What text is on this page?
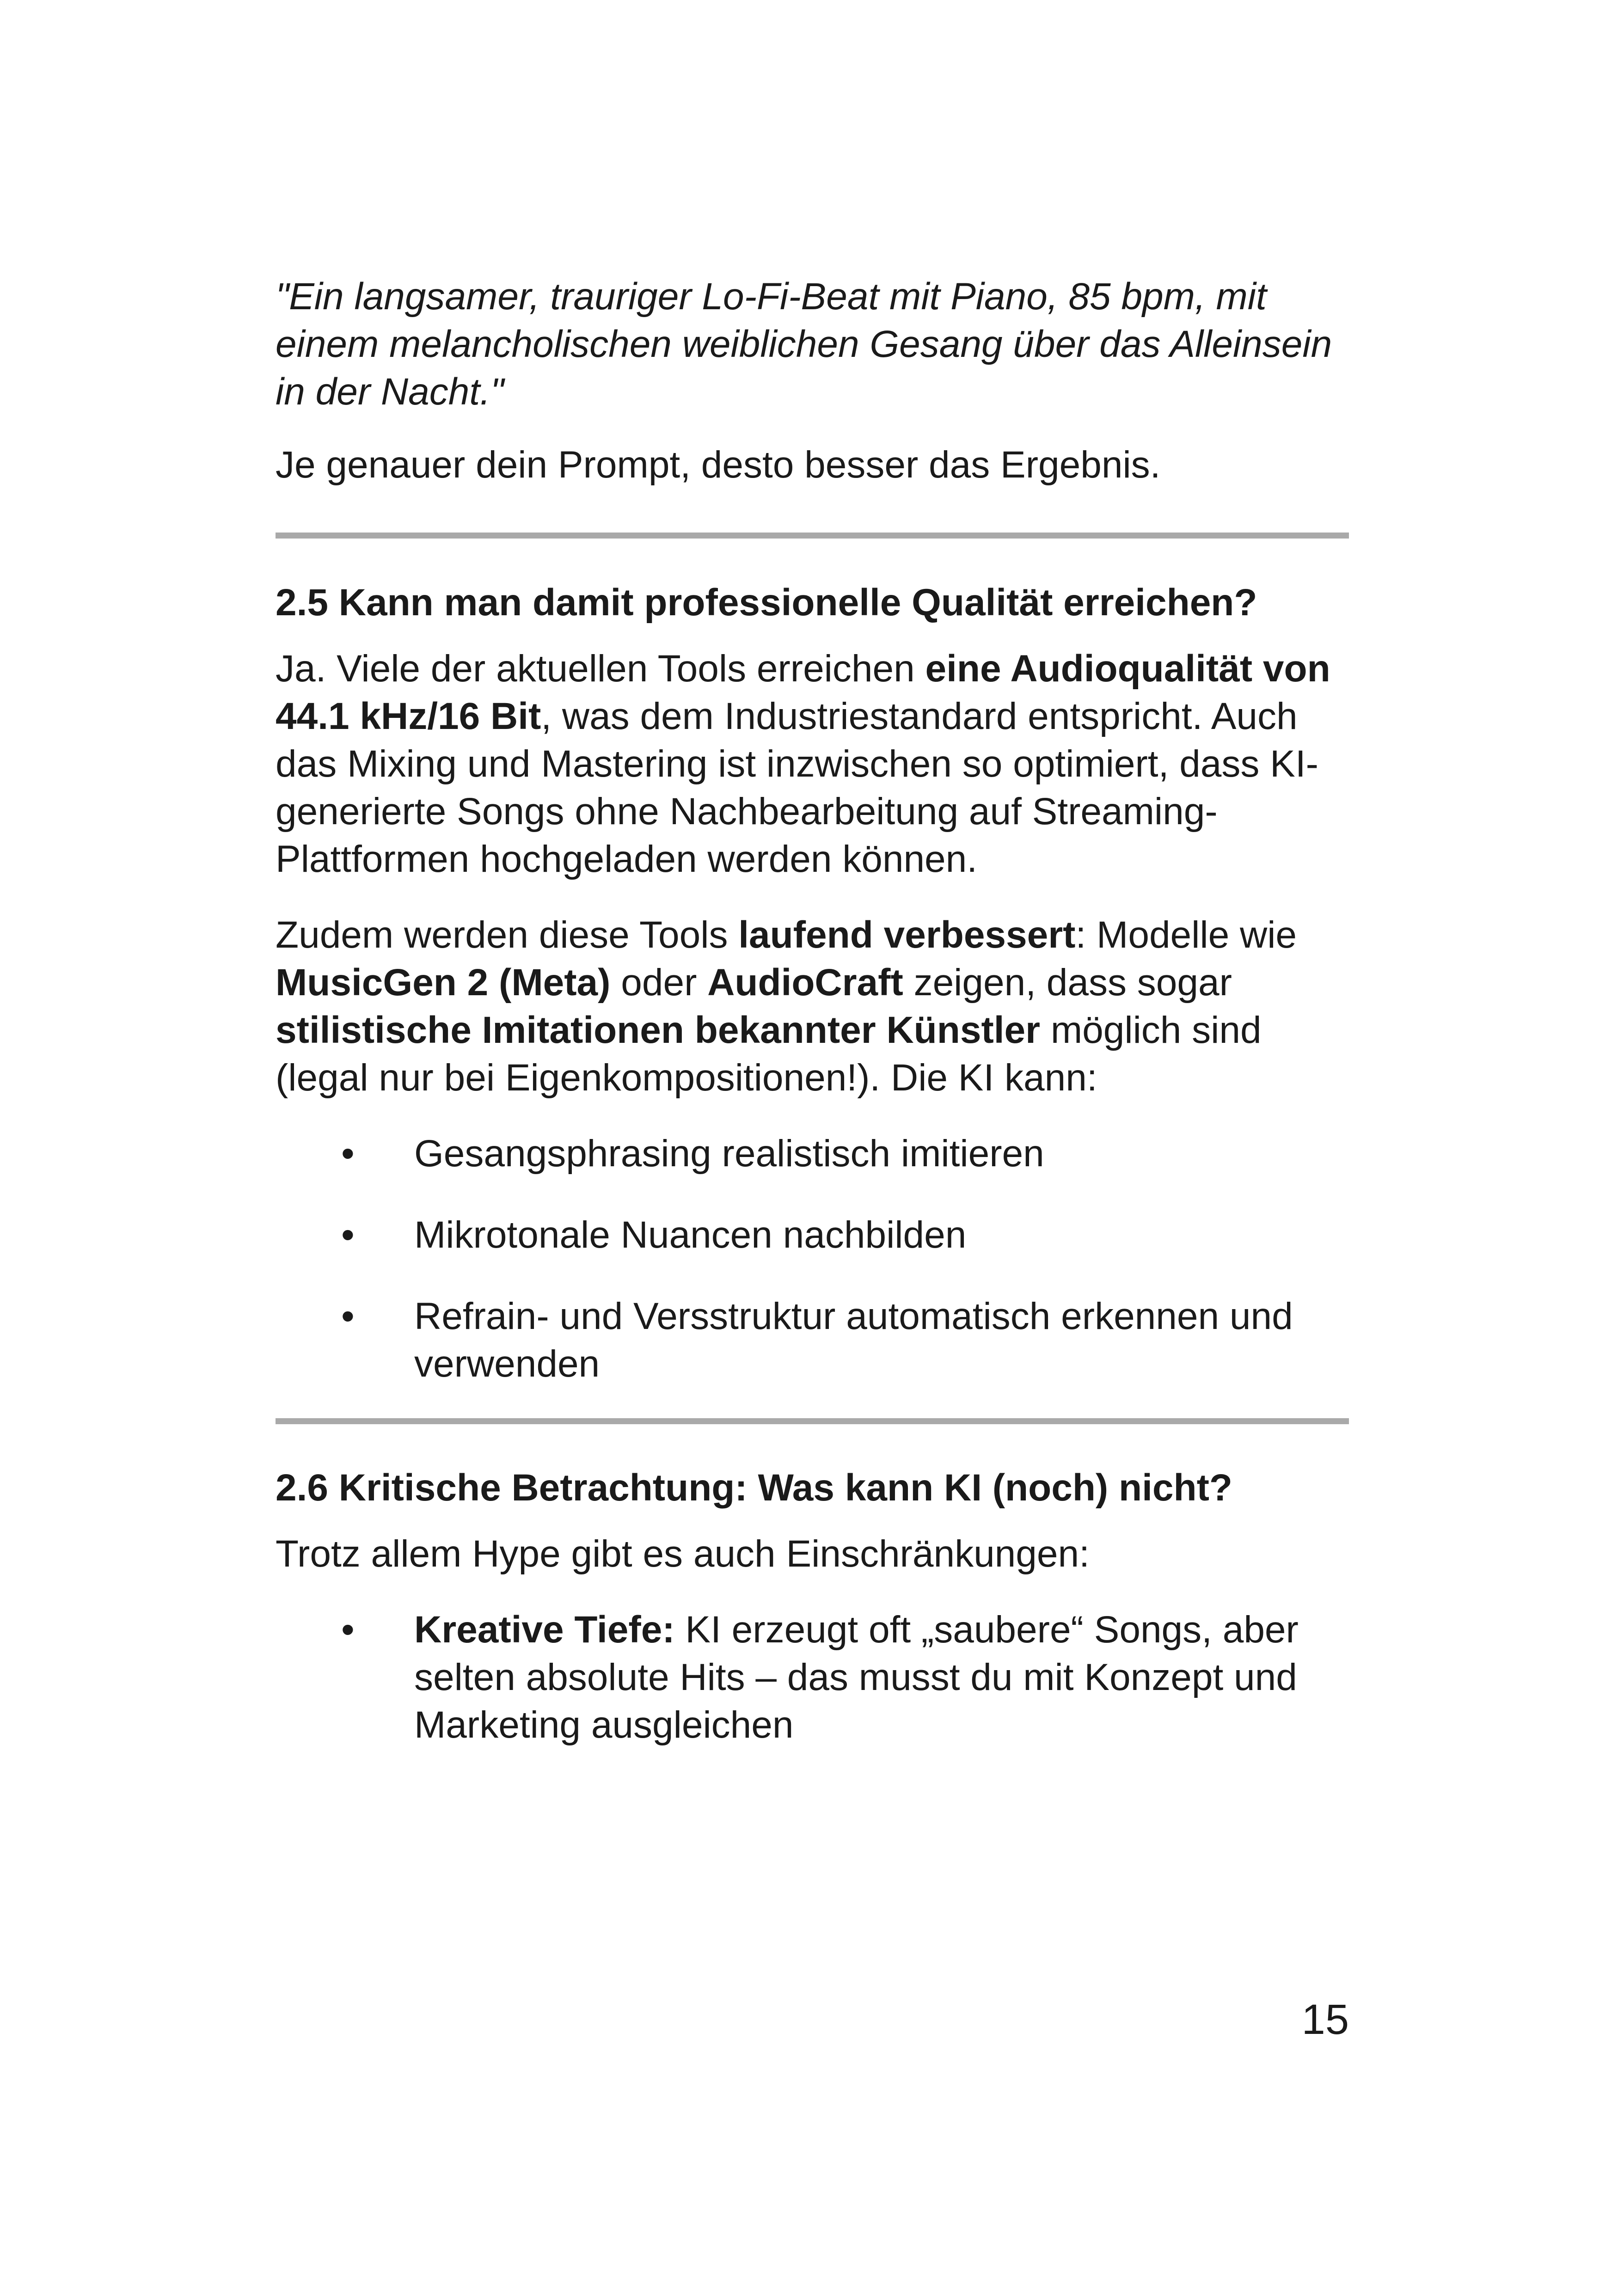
"Ein langsamer, trauriger Lo-Fi-Beat mit Piano, 85 bpm, mit einem melancholischen weiblichen Gesang über das Alleinsein in der Nacht."

Je genauer dein Prompt, desto besser das Ergebnis.

2.5 Kann man damit professionelle Qualität erreichen?

Ja. Viele der aktuellen Tools erreichen eine Audioqualität von 44.1 kHz/16 Bit, was dem Industriestandard entspricht. Auch das Mixing und Mastering ist inzwischen so optimiert, dass KI-generierte Songs ohne Nachbearbeitung auf Streaming-Plattformen hochgeladen werden können.

Zudem werden diese Tools laufend verbessert: Modelle wie MusicGen 2 (Meta) oder AudioCraft zeigen, dass sogar stilistische Imitationen bekannter Künstler möglich sind (legal nur bei Eigenkompositionen!). Die KI kann:

• Gesangsphrasing realistisch imitieren
• Mikrotonale Nuancen nachbilden
• Refrain- und Versstruktur automatisch erkennen und verwenden
2.6 Kritische Betrachtung: Was kann KI (noch) nicht?

Trotz allem Hype gibt es auch Einschränkungen:

• Kreative Tiefe: KI erzeugt oft „saubere“ Songs, aber selten absolute Hits – das musst du mit Konzept und Marketing ausgleichen
15
